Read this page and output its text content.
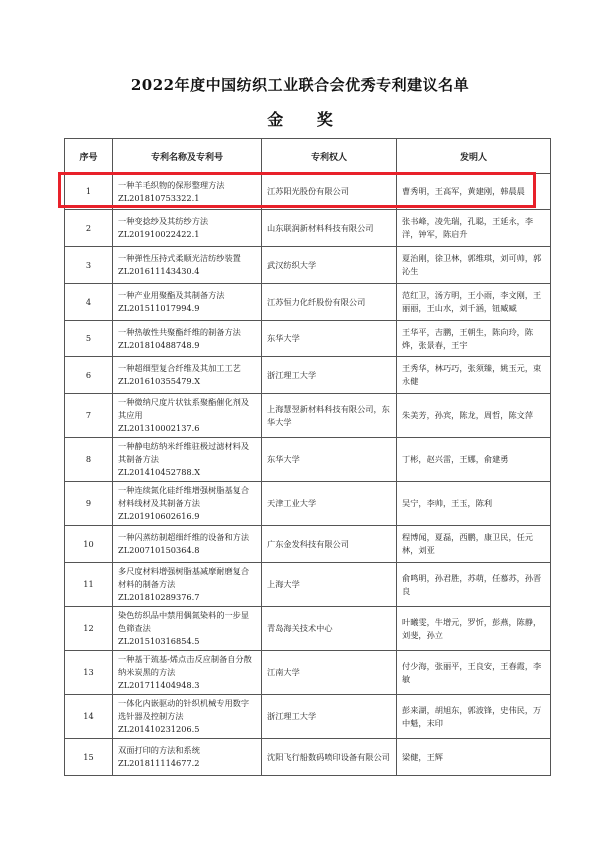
2022年度中国纺织工业联合会优秀专利建议名单
金 奖
序号	专利名称及专利号	专利权人	发明人
1	一种羊毛织物的保形整理方法
ZL201810753322.1	江苏阳光股份有限公司	曹秀明，王高军，黄建刚，韩晨晨
2	一种变捻纱及其纺纱方法
ZL201910022422.1	山东联润新材料科技有限公司	张书峰，凌先瑞，孔聪，王延永，李洋，钟军，陈启升
3	一种弹性压持式柔顺光洁纺纱装置
ZL201611143430.4	武汉纺织大学	夏治刚，徐卫林，郭维琪，刘可帅，郭沁生
4	一种产业用聚酯及其制备方法
ZL201511017994.9	江苏恒力化纤股份有限公司	范红卫，汤方明，王小雨，李文刚，王丽丽，王山水，刘千涵，钮臧臧
5	一种热敏性共聚酯纤维的制备方法
ZL201810488748.9	东华大学	王华平，吉鹏，王朝生，陈向玲，陈烨，张景春，王宇
6	一种超细型复合纤维及其加工工艺
ZL201610355479.X	浙江理工大学	王秀华，林巧巧，张须臻，姚玉元，束永健
7	一种微纳尺度片状钛系聚酯催化剂及其应用
ZL201310002137.6	上海慧翌新材料科技有限公司，东华大学	朱美芳，孙宾，陈龙，周哲，陈文萍
8	一种静电纺纳米纤维驻极过滤材料及其制备方法
ZL201410452788.X	东华大学	丁彬，赵兴雷，王娜，俞建勇
9	一种连续氮化硅纤维增强树脂基复合材料线材及其制备方法
ZL201910602616.9	天津工业大学	吴宁，李帅，王玉，陈利
10	一种闪蒸纺制超细纤维的设备和方法
ZL200710150364.8	广东金发科技有限公司	程博闻，夏磊，西鹏，康卫民，任元林，刘亚
11	多尺度材料增强树脂基减摩耐磨复合材料的制备方法
ZL201810289376.7	上海大学	俞鸣明，孙君胜，苏萌，任慕苏，孙晋良
12	染色纺织品中禁用偶氮染料的一步显色筛查法
ZL201510316854.5	青岛海关技术中心	叶曦雯，牛增元，罗忻，彭燕，陈静，刘斐，孙立
13	一种基于巯基-烯点击反应制备自分散纳米炭黑的方法
ZL201711404948.3	江南大学	付少海，张丽平，王良安，王春霞，李敏
14	一体化内嵌驱动的针织机械专用数字选针器及控制方法
ZL201410231206.5	浙江理工大学	彭来湖，胡旭东，郭波锋，史伟民，万中魁，末印
15	双面打印的方法和系统
ZL201811114677.2	沈阳飞行船数码喷印设备有限公司	梁健，王辉
